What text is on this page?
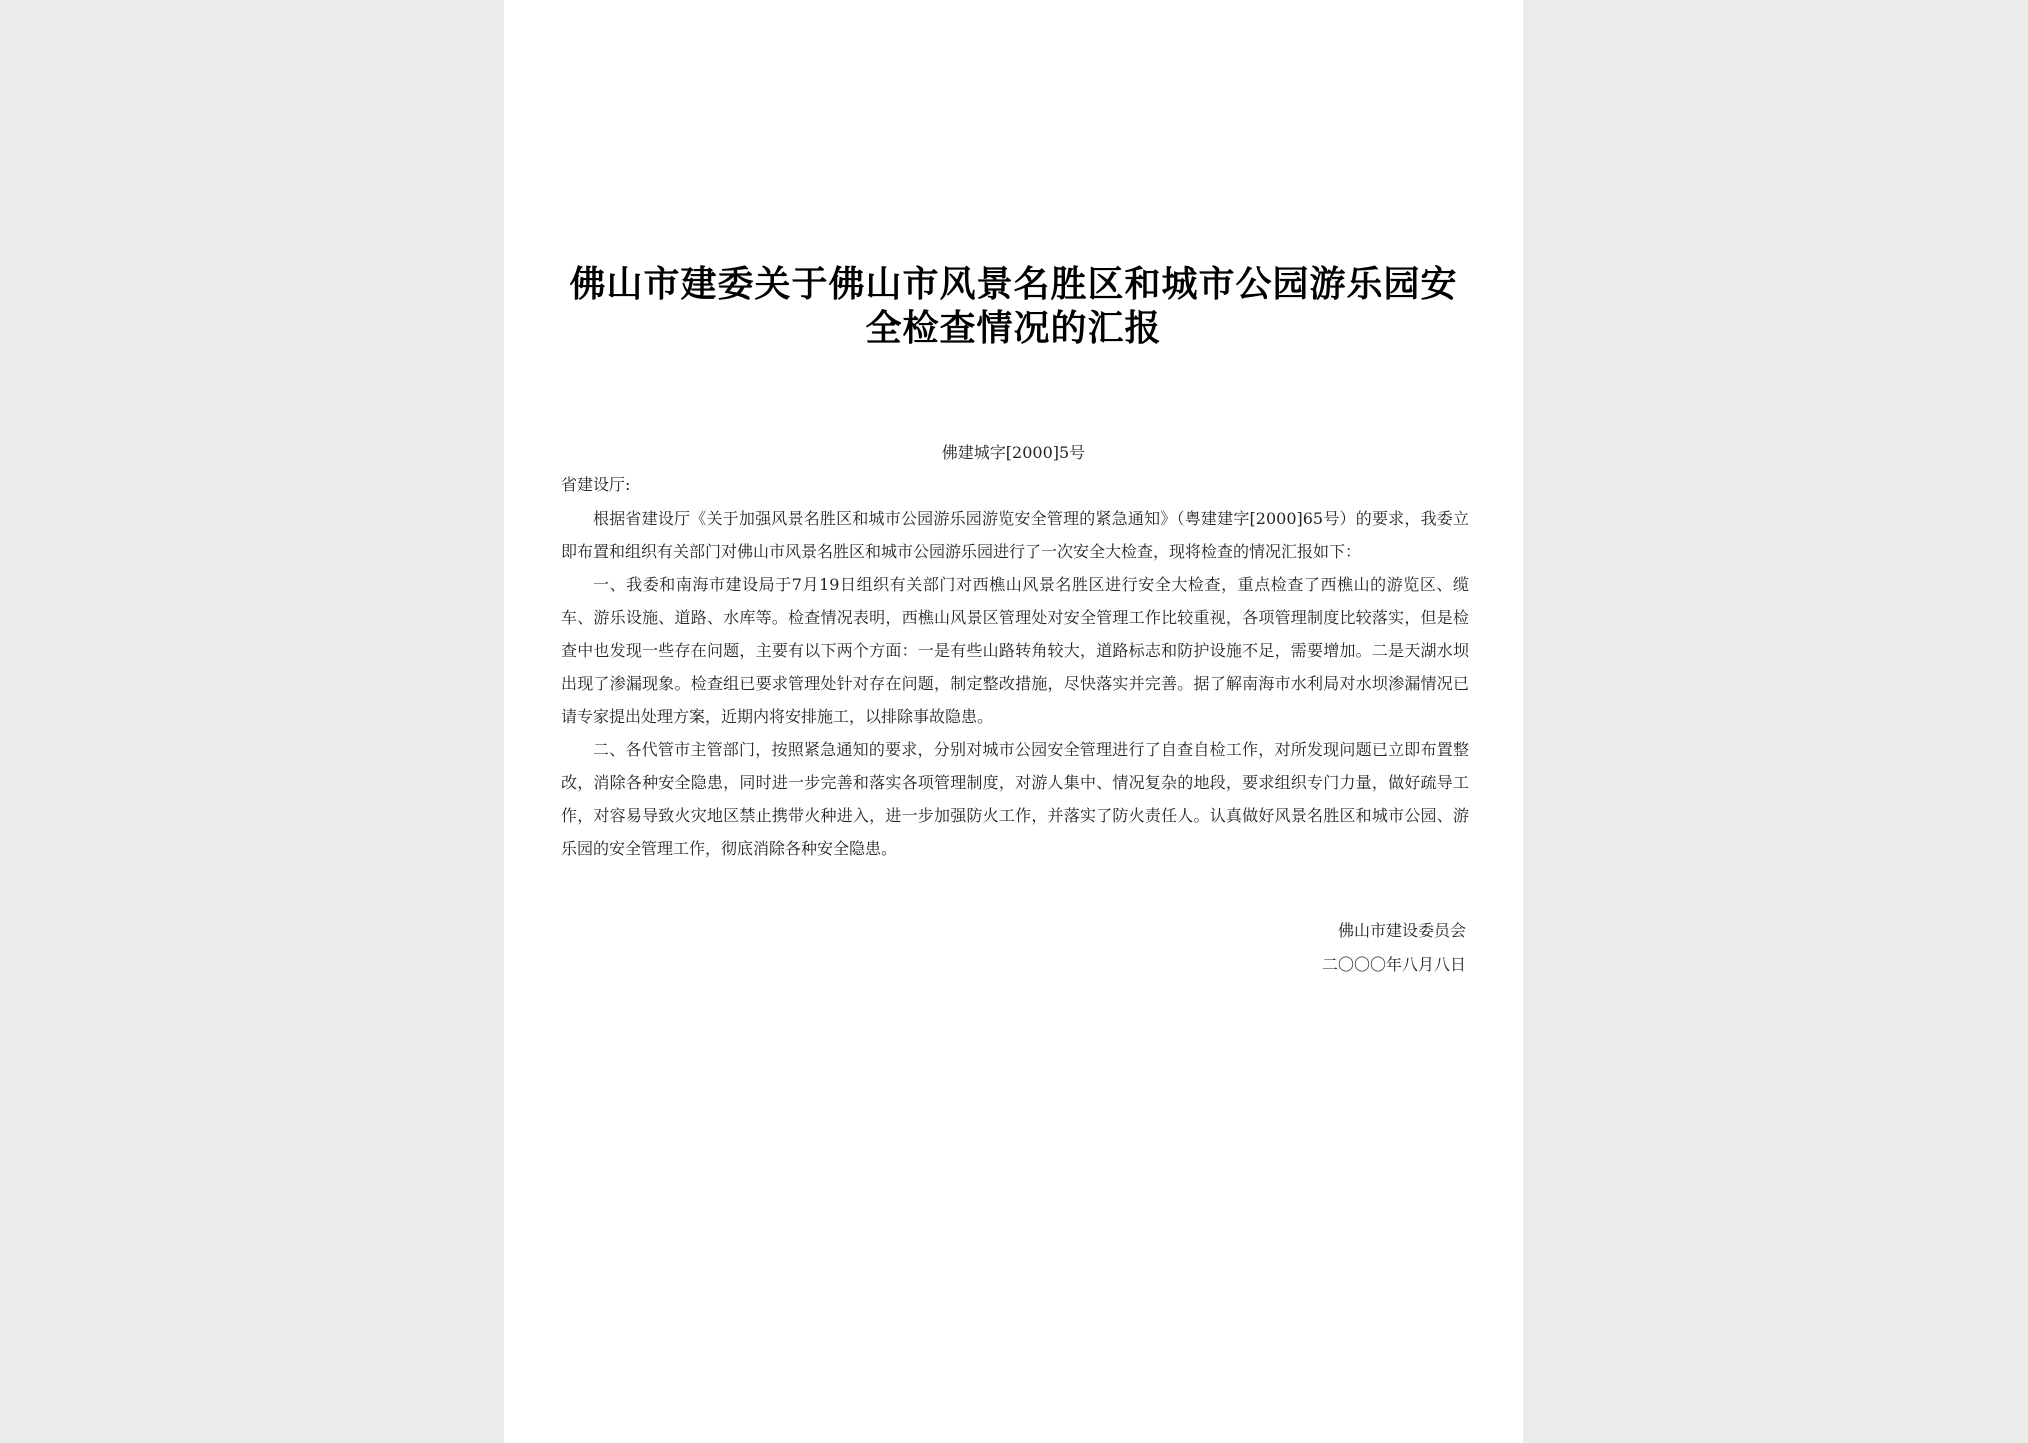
佛山市建委关于佛山市风景名胜区和城市公园游乐园安全检查情况的汇报
佛建城字[2000]5号
省建设厅:

根据省建设厅《关于加强风景名胜区和城市公园游乐园游览安全管理的紧急通知》（粤建建字[2000]65号）的要求，我委立即布置和组织有关部门对佛山市风景名胜区和城市公园游乐园进行了一次安全大检查，现将检查的情况汇报如下：

一、我委和南海市建设局于7月19日组织有关部门对西樵山风景名胜区进行安全大检查，重点检查了西樵山的游览区、缆车、游乐设施、道路、水库等。检查情况表明，西樵山风景区管理处对安全管理工作比较重视，各项管理制度比较落实，但是检查中也发现一些存在问题，主要有以下两个方面：一是有些山路转角较大，道路标志和防护设施不足，需要增加。二是天湖水坝出现了渗漏现象。检查组已要求管理处针对存在问题，制定整改措施，尽快落实并完善。据了解南海市水利局对水坝渗漏情况已请专家提出处理方案，近期内将安排施工，以排除事故隐患。

二、各代管市主管部门，按照紧急通知的要求，分别对城市公园安全管理进行了自查自检工作，对所发现问题已立即布置整改，消除各种安全隐患，同时进一步完善和落实各项管理制度，对游人集中、情况复杂的地段，要求组织专门力量，做好疏导工作，对容易导致火灾地区禁止携带火种进入，进一步加强防火工作，并落实了防火责任人。认真做好风景名胜区和城市公园、游乐园的安全管理工作，彻底消除各种安全隐患。

佛山市建设委员会
二〇〇〇年八月八日
